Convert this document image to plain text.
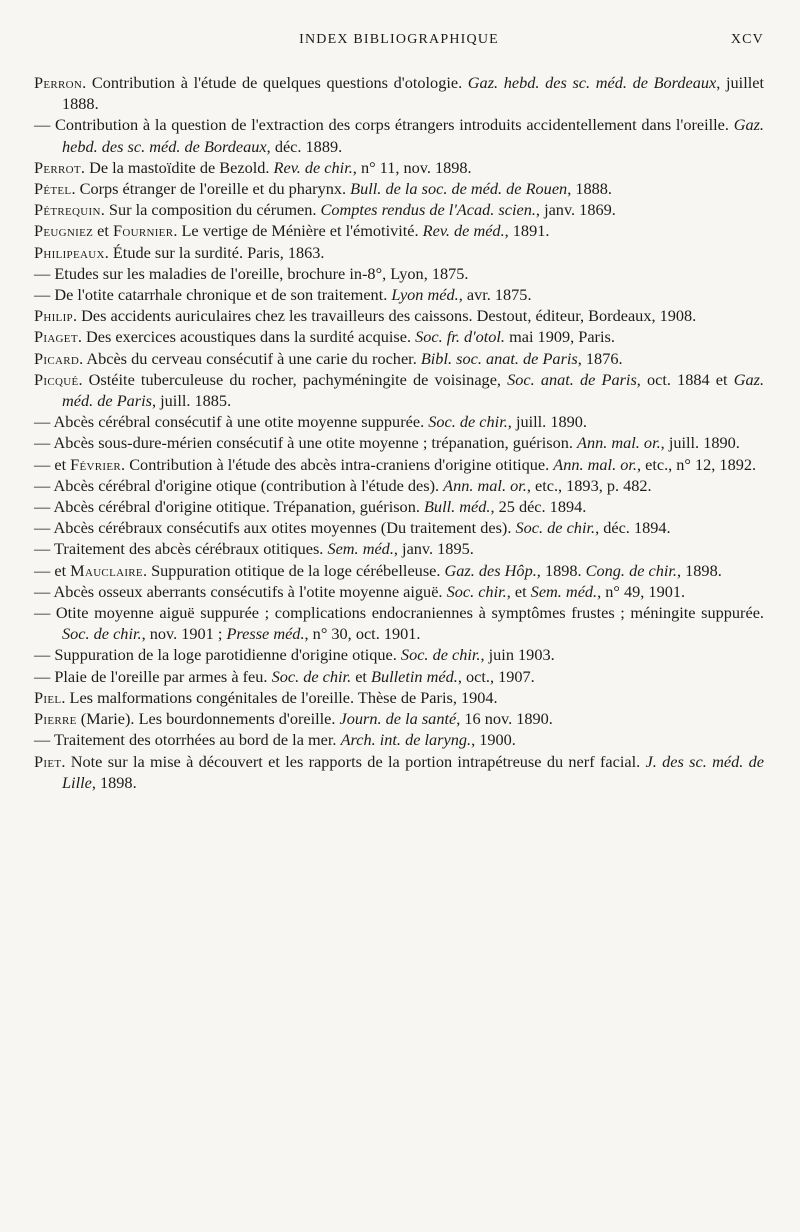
INDEX BIBLIOGRAPHIQUE	XCV

Perron. Contribution à l'étude de quelques questions d'otologie. Gaz. hebd. des sc. méd. de Bordeaux, juillet 1888.

— Contribution à la question de l'extraction des corps étrangers introduits accidentellement dans l'oreille. Gaz. hebd. des sc. méd. de Bordeaux, déc. 1889.

Perrot. De la mastoïdite de Bezold. Rev. de chir., n° 11, nov. 1898.

Pétel. Corps étranger de l'oreille et du pharynx. Bull. de la soc. de méd. de Rouen, 1888.

Pétrequin. Sur la composition du cérumen. Comptes rendus de l'Acad. scien., janv. 1869.

Peugniez et Fournier. Le vertige de Ménière et l'émotivité. Rev. de méd., 1891.

Philipeaux. Étude sur la surdité. Paris, 1863.

— Etudes sur les maladies de l'oreille, brochure in-8°, Lyon, 1875.

— De l'otite catarrhale chronique et de son traitement. Lyon méd., avr. 1875.

Philip. Des accidents auriculaires chez les travailleurs des caissons. Destout, éditeur, Bordeaux, 1908.

Piaget. Des exercices acoustiques dans la surdité acquise. Soc. fr. d'otol. mai 1909, Paris.

Picard. Abcès du cerveau consécutif à une carie du rocher. Bibl. soc. anat. de Paris, 1876.

Picqué. Ostéite tuberculeuse du rocher, pachyméningite de voisinage, Soc. anat. de Paris, oct. 1884 et Gaz. méd. de Paris, juill. 1885.

— Abcès cérébral consécutif à une otite moyenne suppurée. Soc. de chir., juill. 1890.

— Abcès sous-dure-mérien consécutif à une otite moyenne ; trépanation, guérison. Ann. mal. or., juill. 1890.

— et Février. Contribution à l'étude des abcès intra-craniens d'origine otitique. Ann. mal. or., etc., n° 12, 1892.

— Abcès cérébral d'origine otique (contribution à l'étude des). Ann. mal. or., etc., 1893, p. 482.

— Abcès cérébral d'origine otitique. Trépanation, guérison. Bull. méd., 25 déc. 1894.

— Abcès cérébraux consécutifs aux otites moyennes (Du traitement des). Soc. de chir., déc. 1894.

— Traitement des abcès cérébraux otitiques. Sem. méd., janv. 1895.

— et Mauclaire. Suppuration otitique de la loge cérébelleuse. Gaz. des Hôp., 1898. Cong. de chir., 1898.

— Abcès osseux aberrants consécutifs à l'otite moyenne aiguë. Soc. chir., et Sem. méd., n° 49, 1901.

— Otite moyenne aiguë suppurée ; complications endocraniennes à symptômes frustes ; méningite suppurée. Soc. de chir., nov. 1901 ; Presse méd., n° 30, oct. 1901.

— Suppuration de la loge parotidienne d'origine otique. Soc. de chir., juin 1903.

— Plaie de l'oreille par armes à feu. Soc. de chir. et Bulletin méd., oct., 1907.

Piel. Les malformations congénitales de l'oreille. Thèse de Paris, 1904.

Pierre (Marie). Les bourdonnements d'oreille. Journ. de la santé, 16 nov. 1890.

— Traitement des otorrhées au bord de la mer. Arch. int. de laryng., 1900.

Piet. Note sur la mise à découvert et les rapports de la portion intrapétreuse du nerf facial. J. des sc. méd. de Lille, 1898.
